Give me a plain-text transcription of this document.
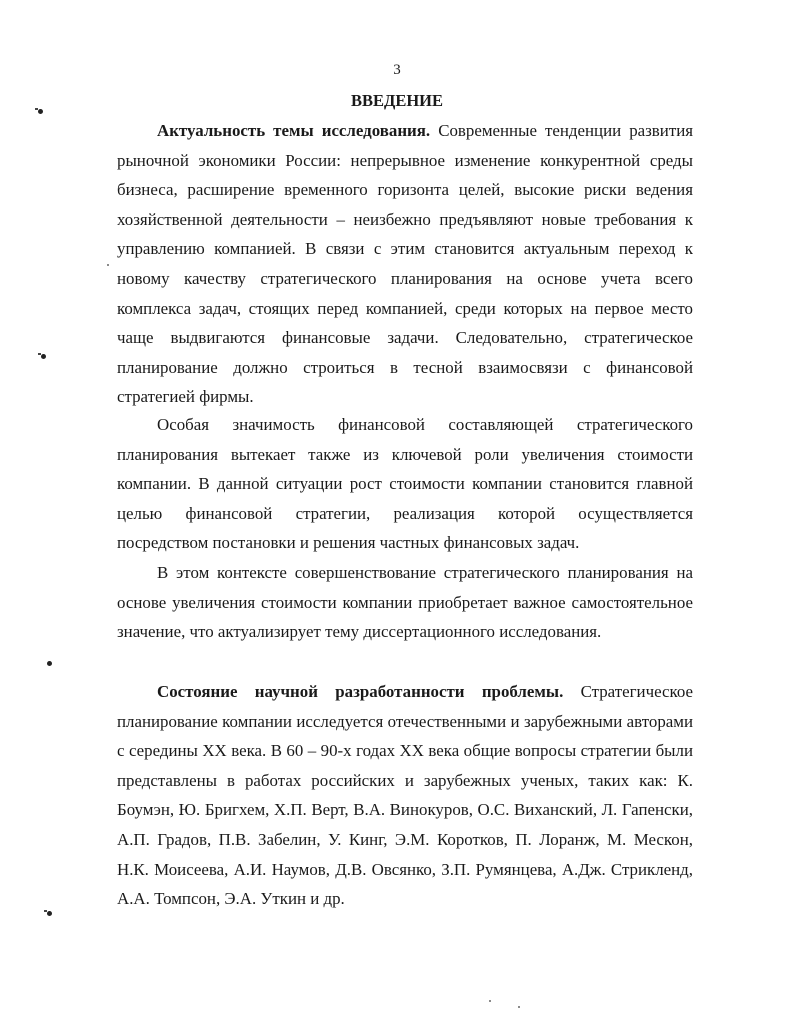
3
ВВЕДЕНИЕ

Актуальность темы исследования. Современные тенденции развития рыночной экономики России: непрерывное изменение конкурентной среды бизнеса, расширение временного горизонта целей, высокие риски ведения хозяйственной деятельности – неизбежно предъявляют новые требования к управлению компанией. В связи с этим становится актуальным переход к новому качеству стратегического планирования на основе учета всего комплекса задач, стоящих перед компанией, среди которых на первое место чаще выдвигаются финансовые задачи. Следовательно, стратегическое планирование должно строиться в тесной взаимосвязи с финансовой стратегией фирмы.

Особая значимость финансовой составляющей стратегического планирования вытекает также из ключевой роли увеличения стоимости компании. В данной ситуации рост стоимости компании становится главной целью финансовой стратегии, реализация которой осуществляется посредством постановки и решения частных финансовых задач.

В этом контексте совершенствование стратегического планирования на основе увеличения стоимости компании приобретает важное самостоятельное значение, что актуализирует тему диссертационного исследования.

Состояние научной разработанности проблемы. Стратегическое планирование компании исследуется отечественными и зарубежными авторами с середины XX века. В 60 – 90-х годах XX века общие вопросы стратегии были представлены в работах российских и зарубежных ученых, таких как: К. Боумэн, Ю. Бригхем, Х.П. Верт, В.А. Винокуров, О.С. Виханский, Л. Гапенски, А.П. Градов, П.В. Забелин, У. Кинг, Э.М. Коротков, П. Лоранж, М. Мескон, Н.К. Моисеева, А.И. Наумов, Д.В. Овсянко, З.П. Румянцева, А.Дж. Стрикленд, А.А. Томпсон, Э.А. Уткин и др.
